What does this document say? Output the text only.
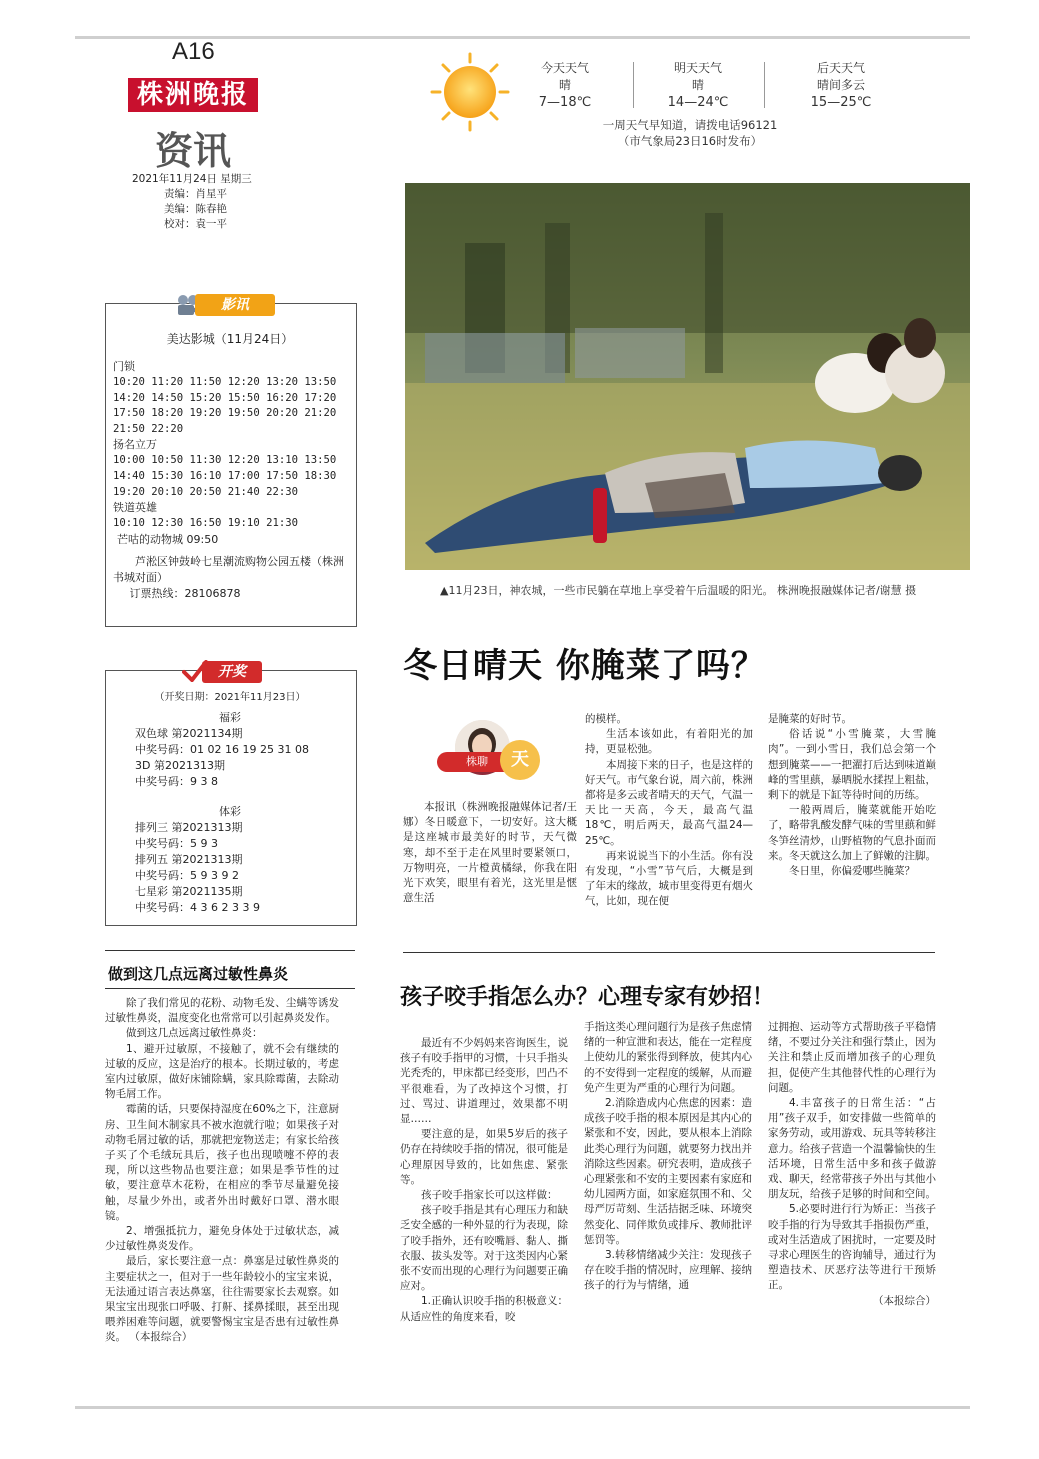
A16
株洲晚报
资讯
2021年11月24日 星期三
责编：肖星平
美编：陈春艳
校对：袁一平
今天天气
晴
7—18℃
明天天气
晴
14—24℃
后天天气
晴间多云
15—25℃
一周天气早知道，请拨电话96121
（市气象局23日16时发布）
▲11月23日，神农城，一些市民躺在草地上享受着午后温暖的阳光。 株洲晚报融媒体记者/谢慧 摄
影讯
美达影城（11月24日）
门锁
10:20 11:20 11:50 12:20 13:20 13:50
14:20 14:50 15:20 15:50 16:20 17:20
17:50 18:20 19:20 19:50 20:20 21:20
21:50 22:20
扬名立万
10:00 10:50 11:30 12:20 13:10 13:50
14:40 15:30 16:10 17:00 17:50 18:30
19:20 20:10 20:50 21:40 22:30
铁道英雄
10:10 12:30 16:50 19:10 21:30
芒咕的动物城 09:50
芦淞区钟鼓岭七星潮流购物公园五楼（株洲书城对面）
订票热线：28106878
开奖
（开奖日期：2021年11月23日）
福彩
双色球 第2021134期
中奖号码：01 02 16 19 25 31 08
3D 第2021313期
中奖号码：9 3 8
体彩
排列三 第2021313期
中奖号码：5 9 3
排列五 第2021313期
中奖号码：5 9 3 9 2
七星彩 第2021135期
中奖号码：4 3 6 2 3 3 9
冬日晴天 你腌菜了吗？
株聊	天

本报讯（株洲晚报融媒体记者/王娜）冬日暖意下，一切安好。这大概是这座城市最美好的时节，天气微寒，却不至于走在风里时要紧领口，万物明亮，一片橙黄橘绿，你我在阳光下欢笑，眼里有着光，这光里是惬意生活

的模样。

生活本该如此，有着阳光的加持，更显松弛。

本周接下来的日子，也是这样的好天气。市气象台说，周六前，株洲都将是多云或者晴天的天气，气温一天比一天高，今天，最高气温18℃，明后两天，最高气温24—25℃。

再来说说当下的小生活。你有没有发现，“小雪”节气后，大概是到了年末的缘故，城市里变得更有烟火气，比如，现在便

是腌菜的好时节。

俗话说“小雪腌菜，大雪腌肉”。一到小雪日，我们总会第一个想到腌菜——一把濯打后达到味道巅峰的雪里蕻，暴晒脱水揉捏上粗盐，剩下的就是下缸等待时间的历练。

一般两周后，腌菜就能开始吃了，略带乳酸发酵气味的雪里蕻和鲜冬笋丝清炒，山野植物的气息扑面而来。冬天就这么加上了鲜嫩的注脚。

冬日里，你偏爱哪些腌菜？

做到这几点远离过敏性鼻炎

除了我们常见的花粉、动物毛发、尘螨等诱发过敏性鼻炎，温度变化也常常可以引起鼻炎发作。

做到这几点远离过敏性鼻炎：

1、避开过敏原，不接触了，就不会有继续的过敏的反应，这是治疗的根本。长期过敏的，考虑室内过敏原，做好床铺除螨，家具除霉菌，去除动物毛屑工作。

霉菌的话，只要保持湿度在60%之下，注意厨房、卫生间木制家具不被水泡就行啦；如果孩子对动物毛屑过敏的话，那就把宠物送走；有家长给孩子买了个毛绒玩具后，孩子也出现喷嚏不停的表现，所以这些物品也要注意；如果是季节性的过敏，要注意草木花粉，在相应的季节尽量避免接触，尽量少外出，或者外出时戴好口罩、潜水眼镜。

2、增强抵抗力，避免身体处于过敏状态，减少过敏性鼻炎发作。

最后，家长要注意一点：鼻塞是过敏性鼻炎的主要症状之一，但对于一些年龄较小的宝宝来说，无法通过语言表达鼻塞，往往需要家长去观察。如果宝宝出现张口呼吸、打鼾、揉鼻揉眼，甚至出现喂养困难等问题，就要警惕宝宝是否患有过敏性鼻炎。 （本报综合）

孩子咬手指怎么办？心理专家有妙招！

最近有不少妈妈来咨询医生，说孩子有咬手指甲的习惯，十只手指头光秃秃的，甲床都已经变形，凹凸不平很难看，为了改掉这个习惯，打过、骂过、讲道理过，效果都不明显……

要注意的是，如果5岁后的孩子仍存在持续咬手指的情况，很可能是心理原因导致的，比如焦虑、紧张等。

孩子咬手指家长可以这样做：

孩子咬手指是其有心理压力和缺乏安全感的一种外显的行为表现，除了咬手指外，还有咬嘴唇、黏人、撕衣服、拔头发等。对于这类因内心紧张不安而出现的心理行为问题要正确应对。

1.正确认识咬手指的积极意义：从适应性的角度来看，咬

手指这类心理问题行为是孩子焦虑情绪的一种宣泄和表达，能在一定程度上使幼儿的紧张得到释放，使其内心的不安得到一定程度的缓解，从而避免产生更为严重的心理行为问题。

2.消除造成内心焦虑的因素：造成孩子咬手指的根本原因是其内心的紧张和不安，因此，要从根本上消除此类心理行为问题，就要努力找出并消除这些因素。研究表明，造成孩子心理紧张和不安的主要因素有家庭和幼儿园两方面，如家庭氛围不和、父母严厉苛刻、生活拮据乏味、环境突然变化、同伴欺负或排斥、教师批评惩罚等。

3.转移情绪减少关注：发现孩子存在咬手指的情况时，应理解、接纳孩子的行为与情绪，通

过拥抱、运动等方式帮助孩子平稳情绪，不要过分关注和强行禁止，因为关注和禁止反而增加孩子的心理负担，促使产生其他替代性的心理行为问题。

4.丰富孩子的日常生活：“占用”孩子双手，如安排做一些简单的家务劳动，或用游戏、玩具等转移注意力。给孩子营造一个温馨愉快的生活环境，日常生活中多和孩子做游戏、聊天，经常带孩子外出与其他小朋友玩，给孩子足够的时间和空间。

5.必要时进行行为矫正：当孩子咬手指的行为导致其手指损伤严重，或对生活造成了困扰时，一定要及时寻求心理医生的咨询辅导，通过行为塑造技术、厌恶疗法等进行干预矫正。

（本报综合）
